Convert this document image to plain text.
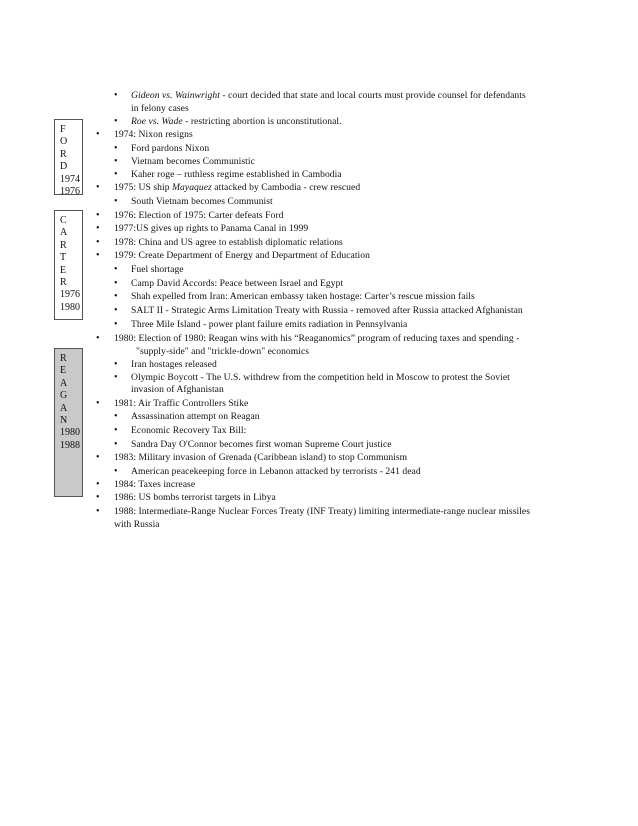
F
O
R
D
1974
1976
C
A
R
T
E
R
1976
1980
R
E
A
G
A
N
1980
1988
• Gideon vs. Wainwright - court decided that state and local courts must provide counsel for defendants
in felony cases
• Roe vs. Wade - restricting abortion is unconstitutional.
• 1974: Nixon resigns
• Ford pardons Nixon
• Vietnam becomes Communistic
• Kaher roge – ruthless regime established in Cambodia
• 1975: US ship Mayaquez attacked by Cambodia - crew rescued
• South Vietnam becomes Communist
• 1976: Election of 1975: Carter defeats Ford
• 1977:US gives up rights to Panama Canal in 1999
• 1978: China and US agree to establish diplomatic relations
• 1979: Create Department of Energy and Department of Education
• Fuel shortage
• Camp David Accords: Peace between Israel and Egypt
• Shah expelled from Iran: American embassy taken hostage: Carter’s rescue mission fails
• SALT II - Strategic Arms Limitation Treaty with Russia - removed after Russia attacked Afghanistan
• Three Mile Island - power plant failure emits radiation in Pennsylvania
• 1980: Election of 1980: Reagan wins with his “Reaganomics” program of reducing taxes and spending -
"supply-side" and "trickle-down" economics
• Iran hostages released
• Olympic Boycott - The U.S. withdrew from the competition held in Moscow to protest the Soviet
invasion of Afghanistan
• 1981: Air Traffic Controllers Stike
• Assassination attempt on Reagan
• Economic Recovery Tax Bill:
• Sandra Day O'Connor becomes first woman Supreme Court justice
• 1983: Military invasion of Grenada (Caribbean island) to stop Communism
• American peacekeeping force in Lebanon attacked by terrorists - 241 dead
• 1984: Taxes increase
• 1986: US bombs terrorist targets in Libya
• 1988: Intermediate-Range Nuclear Forces Treaty (INF Treaty) limiting intermediate-range nuclear missiles
with Russia
